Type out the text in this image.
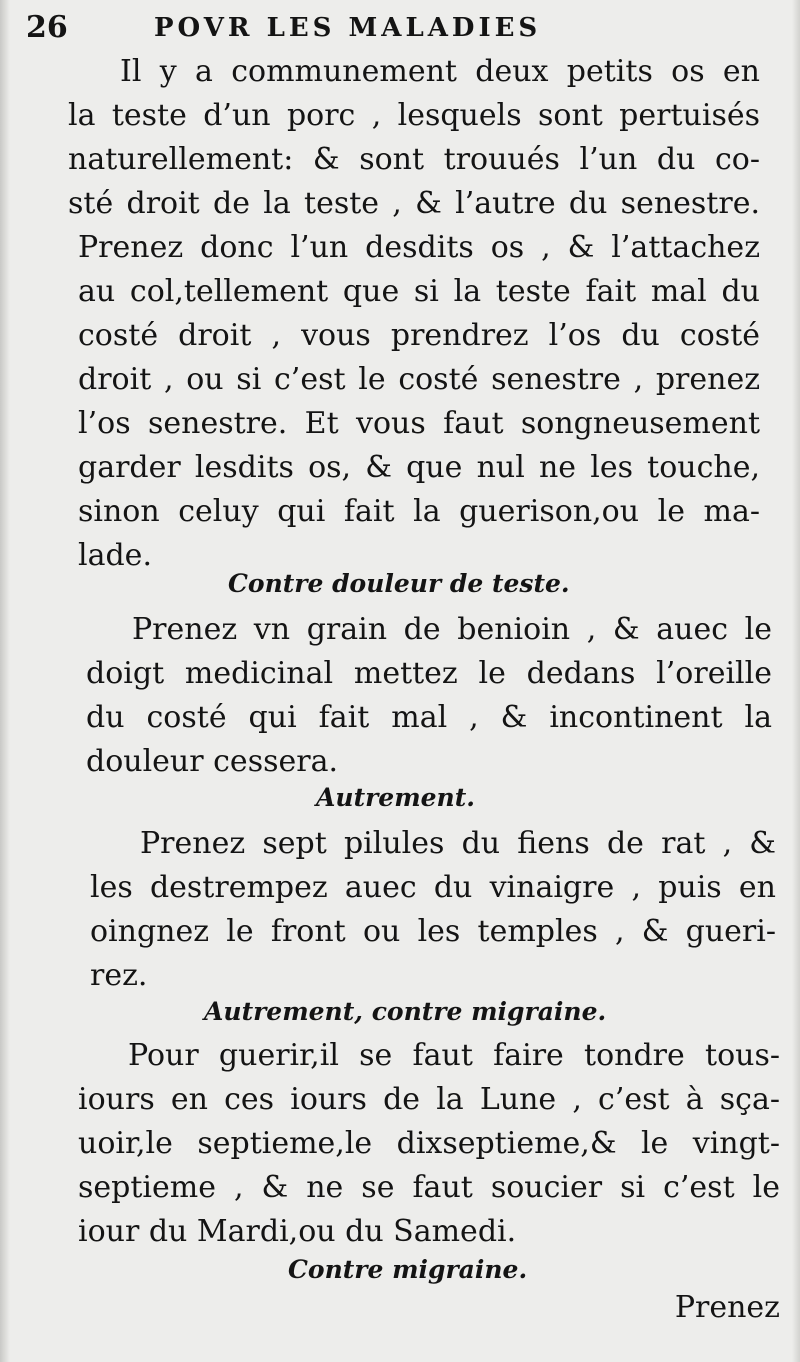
26	POVR LES MALADIES
Il y a communement deux petits os en
la teste d’un porc , lesquels sont pertuisés
naturellement: & sont trouués l’un du co-
sté droit de la teste , & l’autre du senestre.
Prenez donc l’un desdits os , & l’attachez
au col,tellement que si la teste fait mal du
costé droit , vous prendrez l’os du costé
droit , ou si c’est le costé senestre , prenez
l’os senestre. Et vous faut songneusement
garder lesdits os, & que nul ne les touche,
sinon celuy qui fait la guerison,ou le ma-
lade.
Contre douleur de teste.
Prenez vn grain de benioin , & auec le
doigt medicinal mettez le dedans l’oreille
du costé qui fait mal , & incontinent la
douleur cessera.
Autrement.
Prenez sept pilules du fiens de rat , &
les destrempez auec du vinaigre , puis en
oingnez le front ou les temples , & gueri-
rez.
Autrement, contre migraine.
Pour guerir,il se faut faire tondre tous-
iours en ces iours de la Lune , c’est à sça-
uoir,le septieme,le dixseptieme,& le vingt-
septieme , & ne se faut soucier si c’est le
iour du Mardi,ou du Samedi.
Contre migraine.
Prenez
